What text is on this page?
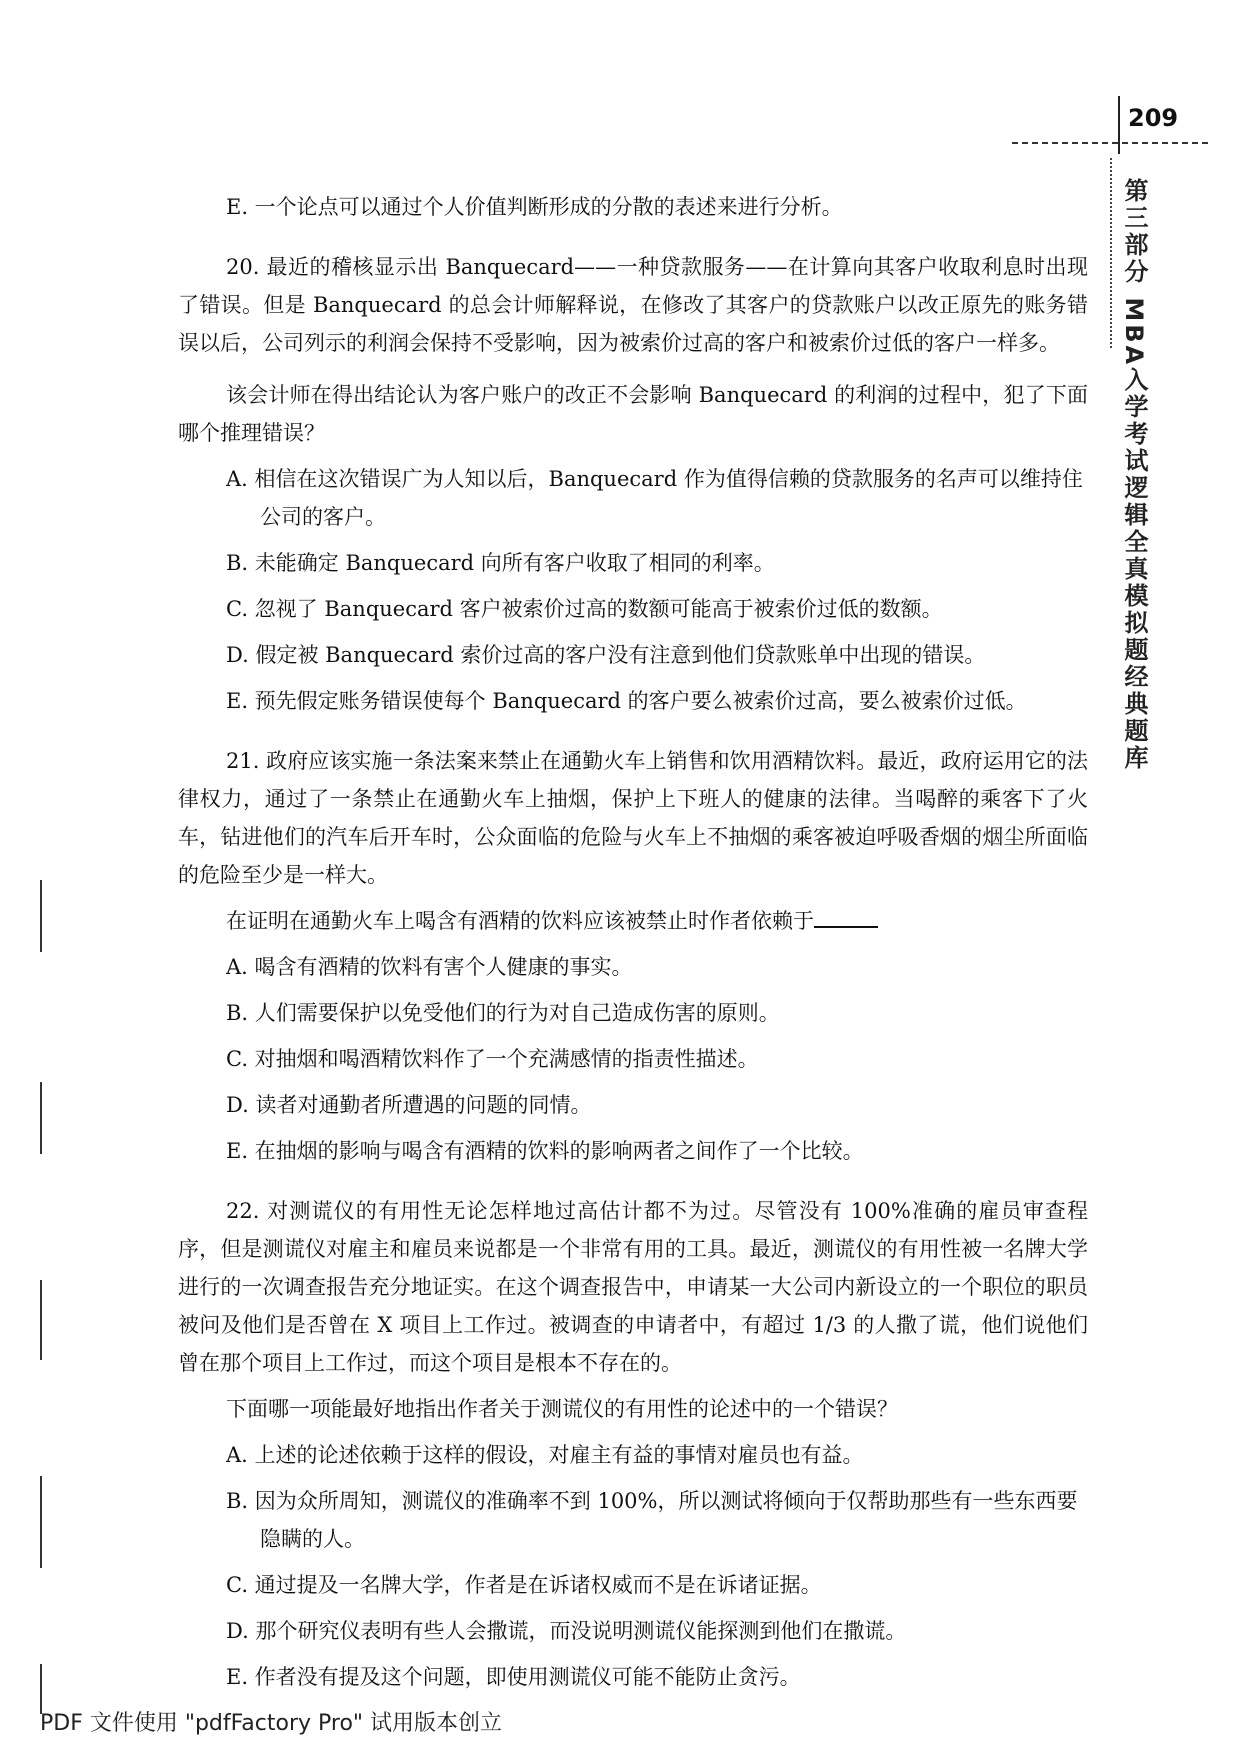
209
第三部分 MBA入学考试逻辑全真模拟题经典题库

E. 一个论点可以通过个人价值判断形成的分散的表述来进行分析。

20. 最近的稽核显示出 Banquecard——一种贷款服务——在计算向其客户收取利息时出现了错误。但是 Banquecard 的总会计师解释说，在修改了其客户的贷款账户以改正原先的账务错误以后，公司列示的利润会保持不受影响，因为被索价过高的客户和被索价过低的客户一样多。

该会计师在得出结论认为客户账户的改正不会影响 Banquecard 的利润的过程中，犯了下面哪个推理错误？

A. 相信在这次错误广为人知以后，Banquecard 作为值得信赖的贷款服务的名声可以维持住公司的客户。

B. 未能确定 Banquecard 向所有客户收取了相同的利率。

C. 忽视了 Banquecard 客户被索价过高的数额可能高于被索价过低的数额。

D. 假定被 Banquecard 索价过高的客户没有注意到他们贷款账单中出现的错误。

E. 预先假定账务错误使每个 Banquecard 的客户要么被索价过高，要么被索价过低。

21. 政府应该实施一条法案来禁止在通勤火车上销售和饮用酒精饮料。最近，政府运用它的法律权力，通过了一条禁止在通勤火车上抽烟，保护上下班人的健康的法律。当喝醉的乘客下了火车，钻进他们的汽车后开车时，公众面临的危险与火车上不抽烟的乘客被迫呼吸香烟的烟尘所面临的危险至少是一样大。

在证明在通勤火车上喝含有酒精的饮料应该被禁止时作者依赖于

A. 喝含有酒精的饮料有害个人健康的事实。

B. 人们需要保护以免受他们的行为对自己造成伤害的原则。

C. 对抽烟和喝酒精饮料作了一个充满感情的指责性描述。

D. 读者对通勤者所遭遇的问题的同情。

E. 在抽烟的影响与喝含有酒精的饮料的影响两者之间作了一个比较。

22. 对测谎仪的有用性无论怎样地过高估计都不为过。尽管没有 100%准确的雇员审查程序，但是测谎仪对雇主和雇员来说都是一个非常有用的工具。最近，测谎仪的有用性被一名牌大学进行的一次调查报告充分地证实。在这个调查报告中，申请某一大公司内新设立的一个职位的职员被问及他们是否曾在 X 项目上工作过。被调查的申请者中，有超过 1/3 的人撒了谎，他们说他们曾在那个项目上工作过，而这个项目是根本不存在的。

下面哪一项能最好地指出作者关于测谎仪的有用性的论述中的一个错误？

A. 上述的论述依赖于这样的假设，对雇主有益的事情对雇员也有益。

B. 因为众所周知，测谎仪的准确率不到 100%，所以测试将倾向于仅帮助那些有一些东西要隐瞒的人。

C. 通过提及一名牌大学，作者是在诉诸权威而不是在诉诸证据。

D. 那个研究仪表明有些人会撒谎，而没说明测谎仪能探测到他们在撒谎。

E. 作者没有提及这个问题，即使用测谎仪可能不能防止贪污。

PDF 文件使用 "pdfFactory Pro" 试用版本创立
